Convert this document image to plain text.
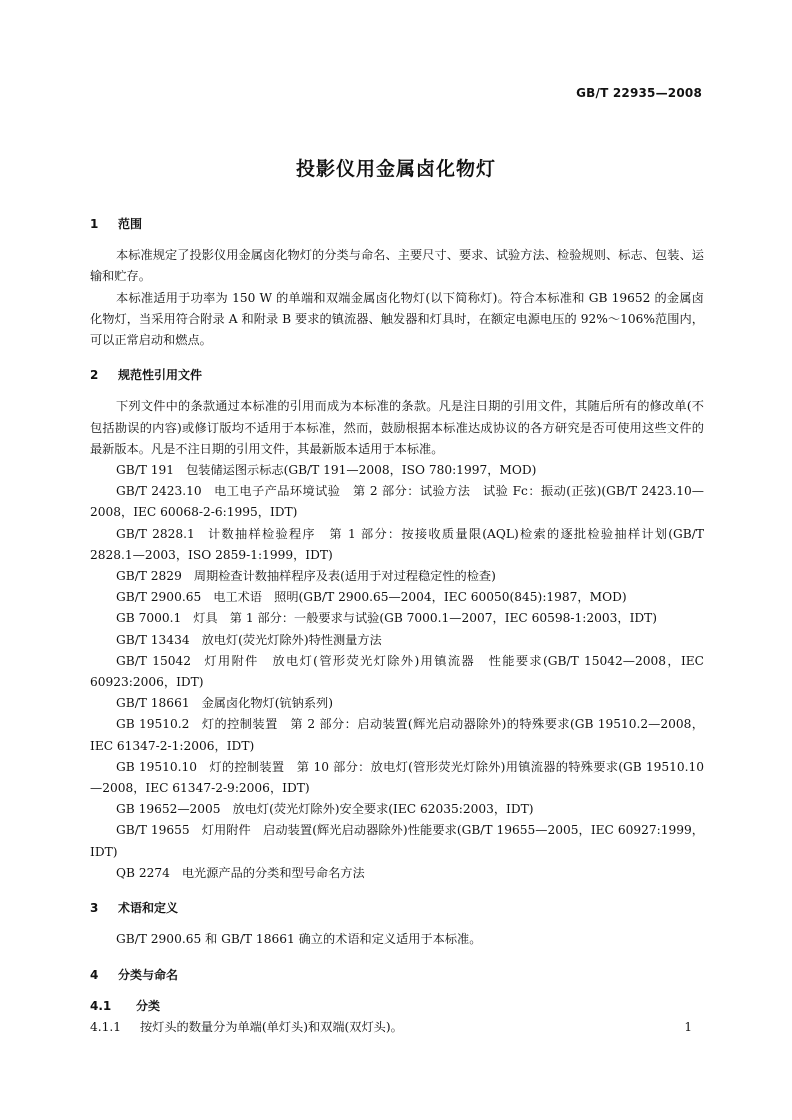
GB/T 22935—2008
投影仪用金属卤化物灯

1 范围

本标准规定了投影仪用金属卤化物灯的分类与命名、主要尺寸、要求、试验方法、检验规则、标志、包装、运输和贮存。

本标准适用于功率为 150 W 的单端和双端金属卤化物灯(以下简称灯)。符合本标准和 GB 19652 的金属卤化物灯，当采用符合附录 A 和附录 B 要求的镇流器、触发器和灯具时，在额定电源电压的 92%～106%范围内，可以正常启动和燃点。

2 规范性引用文件

下列文件中的条款通过本标准的引用而成为本标准的条款。凡是注日期的引用文件，其随后所有的修改单(不包括勘误的内容)或修订版均不适用于本标准，然而，鼓励根据本标准达成协议的各方研究是否可使用这些文件的最新版本。凡是不注日期的引用文件，其最新版本适用于本标准。

GB/T 191 包装储运图示标志(GB/T 191—2008，ISO 780:1997，MOD)

GB/T 2423.10 电工电子产品环境试验　第 2 部分：试验方法　试验 Fc：振动(正弦)(GB/T 2423.10—2008，IEC 60068-2-6:1995，IDT)

GB/T 2828.1 计数抽样检验程序　第 1 部分：按接收质量限(AQL)检索的逐批检验抽样计划(GB/T 2828.1—2003，ISO 2859-1:1999，IDT)

GB/T 2829 周期检查计数抽样程序及表(适用于对过程稳定性的检查)

GB/T 2900.65 电工术语　照明(GB/T 2900.65—2004，IEC 60050(845):1987，MOD)

GB 7000.1 灯具　第 1 部分：一般要求与试验(GB 7000.1—2007，IEC 60598-1:2003，IDT)

GB/T 13434 放电灯(荧光灯除外)特性测量方法

GB/T 15042 灯用附件　放电灯(管形荧光灯除外)用镇流器　性能要求(GB/T 15042—2008，IEC 60923:2006，IDT)

GB/T 18661 金属卤化物灯(钪钠系列)

GB 19510.2 灯的控制装置　第 2 部分：启动装置(辉光启动器除外)的特殊要求(GB 19510.2—2008，IEC 61347-2-1:2006，IDT)

GB 19510.10 灯的控制装置　第 10 部分：放电灯(管形荧光灯除外)用镇流器的特殊要求(GB 19510.10—2008，IEC 61347-2-9:2006，IDT)

GB 19652—2005 放电灯(荧光灯除外)安全要求(IEC 62035:2003，IDT)

GB/T 19655 灯用附件　启动装置(辉光启动器除外)性能要求(GB/T 19655—2005，IEC 60927:1999，IDT)

QB 2274 电光源产品的分类和型号命名方法

3 术语和定义

GB/T 2900.65 和 GB/T 18661 确立的术语和定义适用于本标准。

4 分类与命名

4.1 分类

4.1.1 按灯头的数量分为单端(单灯头)和双端(双灯头)。	1
